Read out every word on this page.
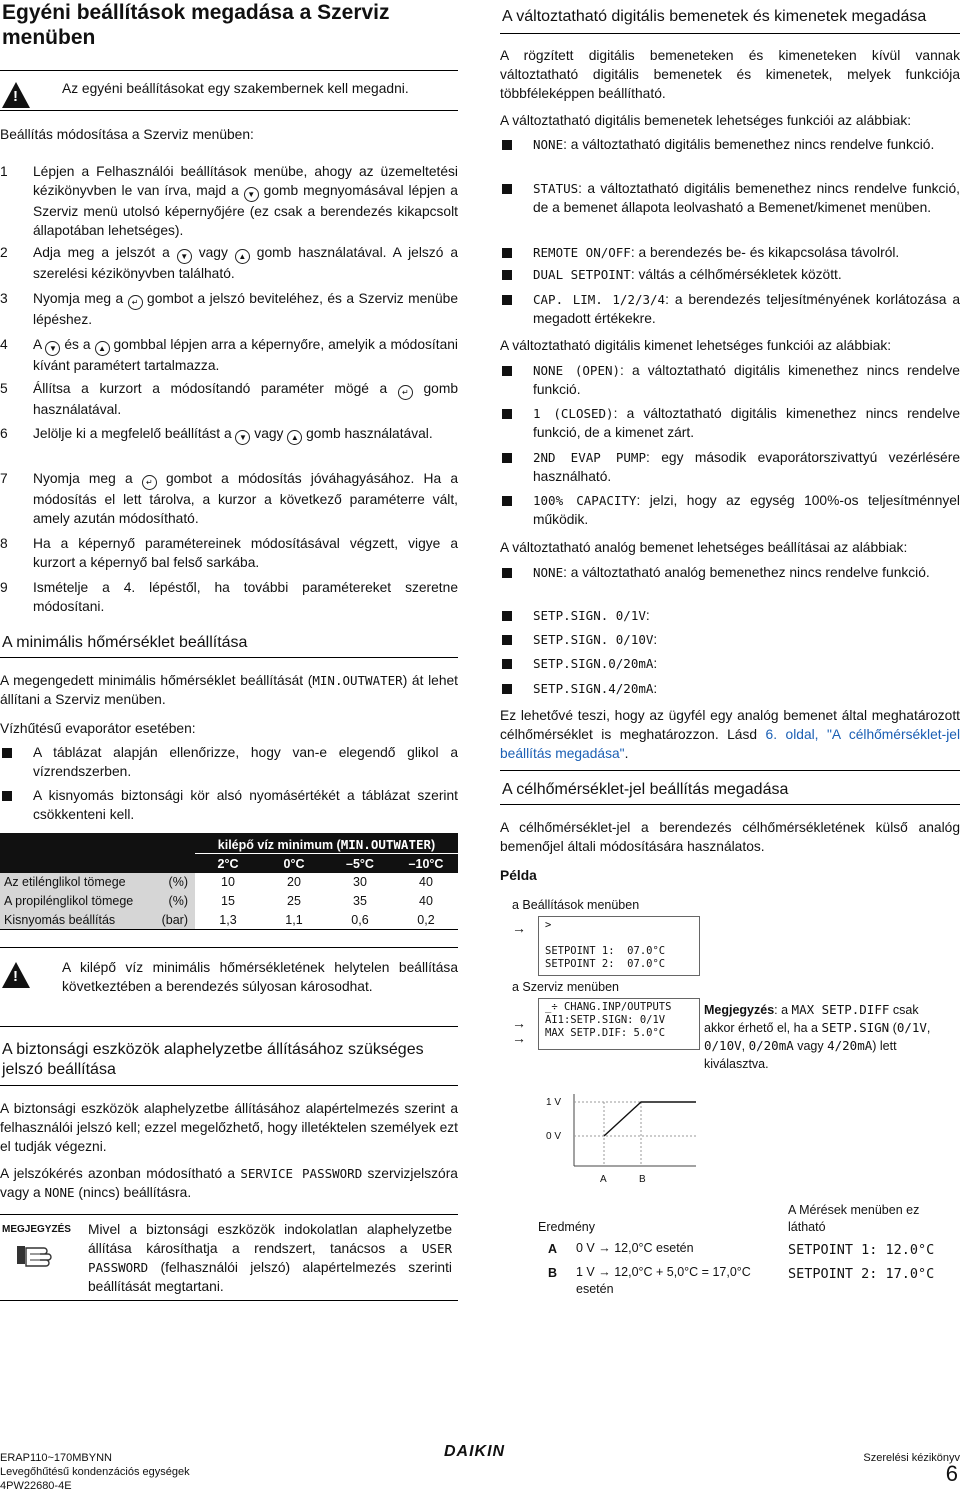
Egyéni beállítások megadása a Szerviz menüben
!	Az egyéni beállításokat egy szakembernek kell megadni.
Beállítás módosítása a Szerviz menüben:
1 Lépjen a Felhasználói beállítások menübe, ahogy az üzemeltetési kézikönyvben le van írva, majd a ▼ gomb megnyomásával lépjen a Szerviz menü utolsó képernyőjére (ez csak a berendezés kikapcsolt állapotában lehetséges).
2 Adja meg a jelszót a ▼ vagy ▲ gomb használatával. A jelszó a szerelési kézikönyvben található.
3 Nyomja meg a ↵ gombot a jelszó beviteléhez, és a Szerviz menübe lépéshez.
4 A ▼ és a ▲ gombbal lépjen arra a képernyőre, amelyik a módosítani kívánt paramétert tartalmazza.
5 Állítsa a kurzort a módosítandó paraméter mögé a ↵ gomb használatával.
6 Jelölje ki a megfelelő beállítást a ▼ vagy ▲ gomb használatával.
7 Nyomja meg a ↵ gombot a módosítás jóváhagyásához. Ha a módosítás el lett tárolva, a kurzor a következő paraméterre vált, amely azután módosítható.
8 Ha a képernyő paramétereinek módosításával végzett, vigye a kurzort a képernyő bal felső sarkába.
9 Ismételje a 4. lépéstől, ha további paramétereket szeretne módosítani.
A minimális hőmérséklet beállítása
A megengedett minimális hőmérséklet beállítását (MIN.OUTWATER) át lehet állítani a Szerviz menüben.
Vízhűtésű evaporátor esetében:
A táblázat alapján ellenőrizze, hogy van-e elegendő glikol a vízrendszerben.
A kisnyomás biztonsági kör alsó nyomásértékét a táblázat szerint csökkenteni kell.
kilépő víz minimum (MIN.OUTWATER)
2°C	0°C	–5°C	–10°C
Az etilénglikol tömege	(%)	10	20	30	40
A propilénglikol tömege	(%)	15	25	35	40
Kisnyomás beállítás	(bar)	1,3	1,1	0,6	0,2
!
A kilépő víz minimális hőmérsékletének helytelen beállítása következtében a berendezés súlyosan károsodhat.
A biztonsági eszközök alaphelyzetbe állításához szükséges jelszó beállítása
A biztonsági eszközök alaphelyzetbe állításához alapértelmezés szerint a felhasználói jelszó kell; ezzel megelőzhető, hogy illetéktelen személyek ezt el tudják végezni.
A jelszókérés azonban módosítható a SERVICE PASSWORD szervizjelszóra vagy a NONE (nincs) beállításra.
MEGJEGYZÉS Mivel a biztonsági eszközök indokolatlan alaphelyzetbe állítása károsíthatja a rendszert, tanácsos a USER PASSWORD (felhasználói jelszó) alapértelmezés szerinti beállítását megtartani.
A változtatható digitális bemenetek és kimenetek megadása
A rögzített digitális bemeneteken és kimeneteken kívül vannak változtatható digitális bemenetek és kimenetek, melyek funkciója többféleképpen beállítható.
A változtatható digitális bemenetek lehetséges funkciói az alábbiak:
NONE: a változtatható digitális bemenethez nincs rendelve funkció.
STATUS: a változtatható digitális bemenethez nincs rendelve funkció, de a bemenet állapota leolvasható a Bemenet/kimenet menüben.
REMOTE ON/OFF: a berendezés be- és kikapcsolása távolról.
DUAL SETPOINT: váltás a célhőmérsékletek között.
CAP. LIM. 1/2/3/4: a berendezés teljesítményének korlátozása a megadott értékekre.
A változtatható digitális kimenet lehetséges funkciói az alábbiak:
NONE (OPEN): a változtatható digitális kimenethez nincs rendelve funkció.
1 (CLOSED): a változtatható digitális kimenethez nincs rendelve funkció, de a kimenet zárt.
2ND EVAP PUMP: egy második evaporátorszivattyú vezérlésére használható.
100% CAPACITY: jelzi, hogy az egység 100%-os teljesítménnyel működik.
A változtatható analóg bemenet lehetséges beállításai az alábbiak:
NONE: a változtatható analóg bemenethez nincs rendelve funkció.
SETP.SIGN. 0/1V:
SETP.SIGN. 0/10V:
SETP.SIGN.0/20mA:
SETP.SIGN.4/20mA:
Ez lehetővé teszi, hogy az ügyfél egy analóg bemenet által meghatározott célhőmérséklet is meghatározzon. Lásd 6. oldal, "A célhőmérséklet-jel beállítás megadása".
A célhőmérséklet-jel beállítás megadása
A célhőmérséklet-jel a berendezés célhőmérsékletének külső analóg bemenőjel általi módosítására használatos.
Példa
a Beállítások menüben
→ >
SETPOINT 1:  07.0°C
SETPOINT 2:  07.0°C
a Szerviz menüben
→
→
_÷ CHANG.INP/OUTPUTS
AI1:SETP.SIGN: 0/1V
MAX SETP.DIF: 5.0°C
Megjegyzés: a MAX SETP.DIFF csak akkor érhető el, ha a SETP.SIGN (0/1V, 0/10V, 0/20mA vagy 4/20mA) lett kiválasztva.
1 V
0 V
A	B
Eredmény
A 0 V → 12,0°C esetén
B 1 V → 12,0°C + 5,0°C = 17,0°C esetén
A Mérések menüben ez látható
SETPOINT 1: 12.0°C
SETPOINT 2: 17.0°C
ERAP110~170MBYNN
Levegőhűtésű kondenzációs egységek
4PW22680-4E
DAIKIN	Szerelési kézikönyv
6
